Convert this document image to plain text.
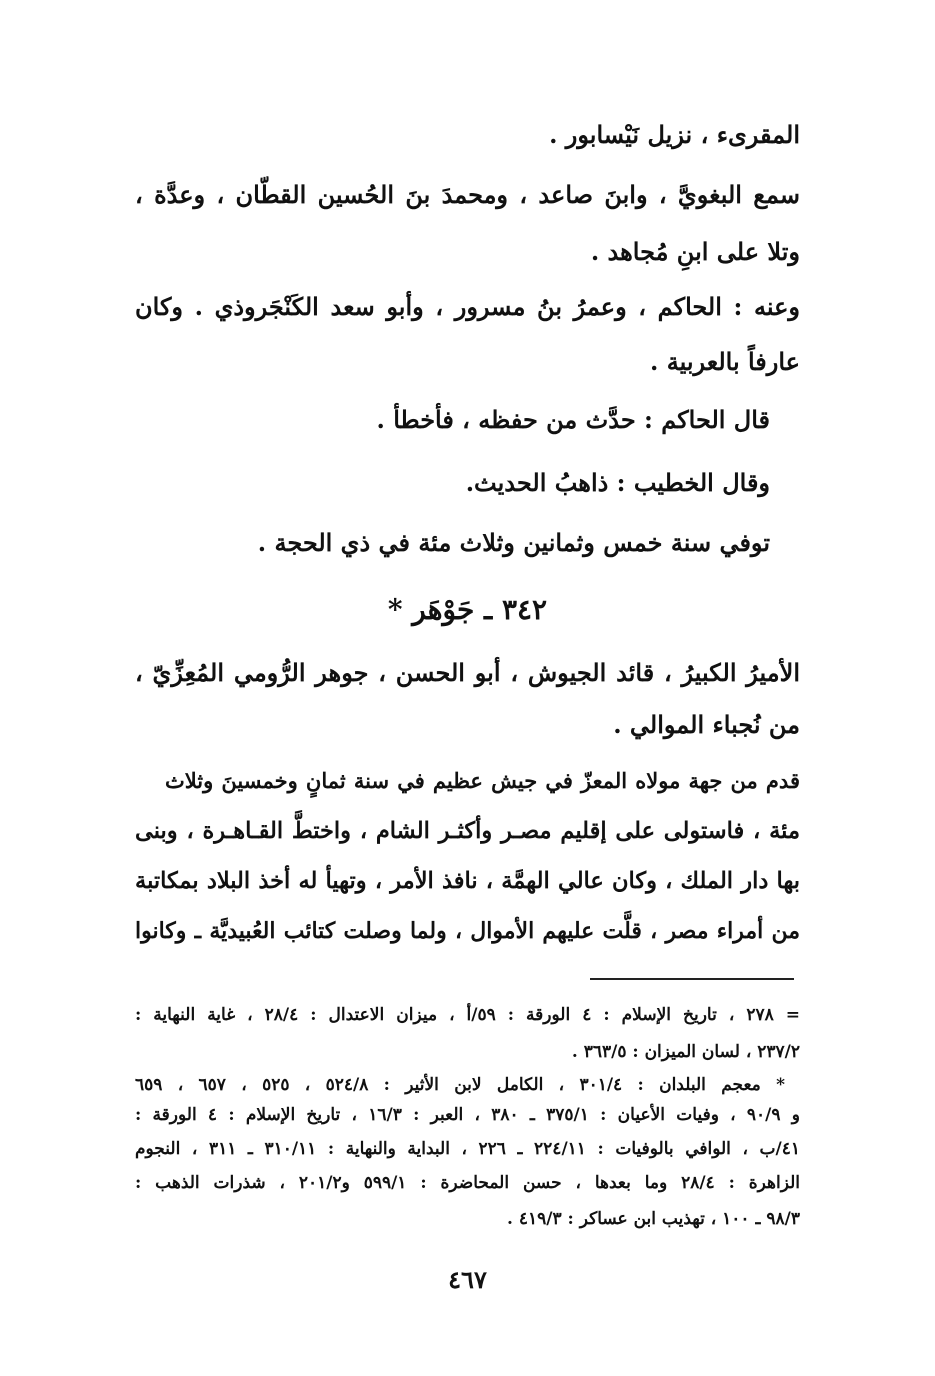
المقرىء ، نزيل نَيْسابور .
سمع البغويَّ ، وابنَ صاعد ، ومحمدَ بنَ الحُسين القطّان ، وعدَّة ،
وتلا على ابنِ مُجاهد .
وعنه : الحاكم ، وعمرُ بنُ مسرور ، وأبو سعد الكَنْجَروذي . وكان
عارفاً بالعربية .
قال الحاكم : حدَّث من حفظه ، فأخطأ .
وقال الخطيب : ذاهبُ الحديث.
توفي سنة خمس وثمانين وثلاث مئة في ذي الحجة .
٣٤٢ ـ جَوْهَر *
الأميرُ الكبيرُ ، قائد الجيوش ، أبو الحسن ، جوهر الرُّومي المُعِزِّيّ ،
من نُجباء الموالي .
قدم من جهة مولاه المعزّ في جيش عظيم في سنة ثمانٍ وخمسينَ وثلاث
مئة ، فاستولى على إقليم مصـر وأكثـر الشام ، واختطَّ القـاهـرة ، وبنى
بها دار الملك ، وكان عالي الهمَّة ، نافذ الأمر ، وتهيأ له أخذ البلاد بمكاتبة
من أمراء مصر ، قلَّت عليهم الأموال ، ولما وصلت كتائب العُبيديَّة ـ وكانوا
= ٢٧٨ ، تاريخ الإسلام : ٤ الورقة : ٥٩/أ ، ميزان الاعتدال : ٢٨/٤ ، غاية النهاية :
٢٣٧/٢ ، لسان الميزان : ٣٦٣/٥ .
* معجم البلدان : ٣٠١/٤ ، الكامل لابن الأثير : ٥٢٤/٨ ، ٥٢٥ ، ٦٥٧ ، ٦٥٩
و ٩٠/٩ ، وفيات الأعيان : ٣٧٥/١ ـ ٣٨٠ ، العبر : ١٦/٣ ، تاريخ الإسلام : ٤ الورقة :
٤١/ب ، الوافي بالوفيات : ٢٢٤/١١ ـ ٢٢٦ ، البداية والنهاية : ٣١٠/١١ ـ ٣١١ ، النجوم
الزاهرة : ٢٨/٤ وما بعدها ، حسن المحاضرة : ٥٩٩/١ و٢٠١/٢ ، شذرات الذهب :
٩٨/٣ ـ ١٠٠ ، تهذيب ابن عساكر : ٤١٩/٣ .
٤٦٧
